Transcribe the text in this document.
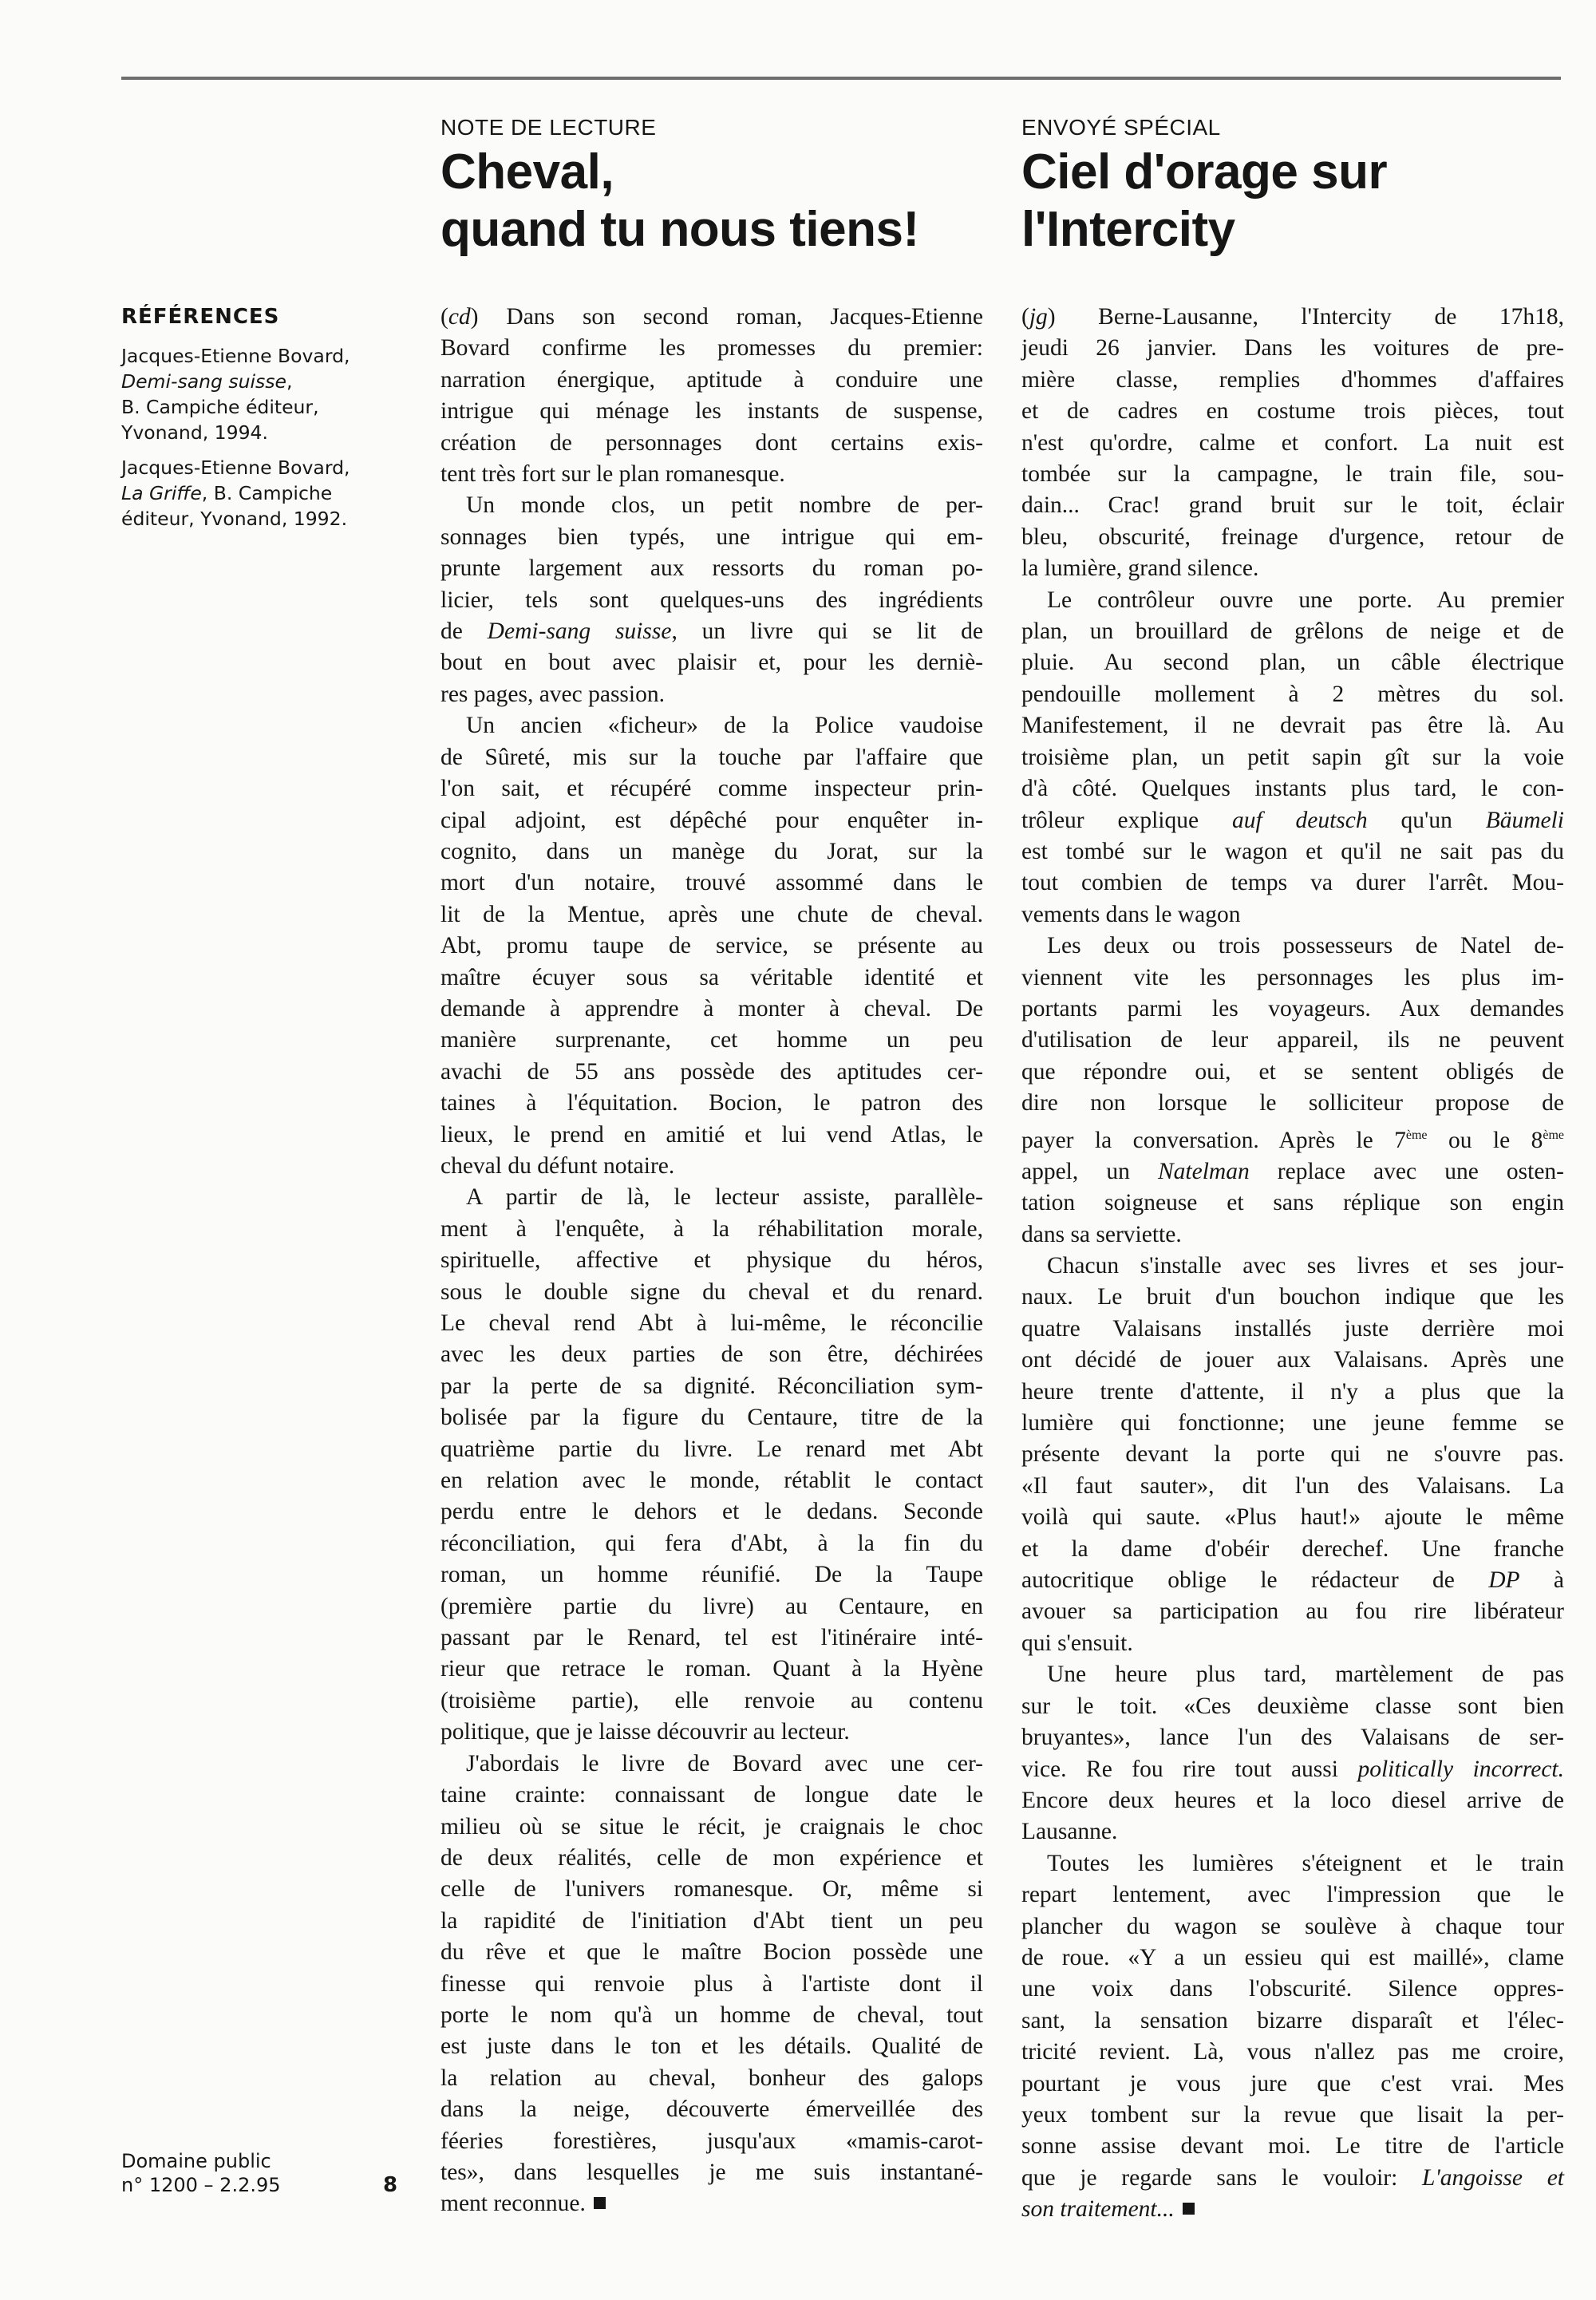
RÉFÉRENCES

Jacques-Etienne Bovard,
Demi-sang suisse,
B. Campiche éditeur,
Yvonand, 1994.

Jacques-Etienne Bovard,
La Griffe, B. Campiche
éditeur, Yvonand, 1992.

Domaine public
n° 1200 – 2.2.95	8
NOTE DE LECTURE
Cheval,
quand tu nous tiens!

(cd) Dans son second roman, Jacques-Etienne
Bovard confirme les promesses du premier:
narration énergique, aptitude à conduire une
intrigue qui ménage les instants de suspense,
création de personnages dont certains exis-
tent très fort sur le plan romanesque.

Un monde clos, un petit nombre de per-
sonnages bien typés, une intrigue qui em-
prunte largement aux ressorts du roman po-
licier, tels sont quelques-uns des ingrédients
de Demi-sang suisse, un livre qui se lit de
bout en bout avec plaisir et, pour les derniè-
res pages, avec passion.

Un ancien «ficheur» de la Police vaudoise
de Sûreté, mis sur la touche par l'affaire que
l'on sait, et récupéré comme inspecteur prin-
cipal adjoint, est dépêché pour enquêter in-
cognito, dans un manège du Jorat, sur la
mort d'un notaire, trouvé assommé dans le
lit de la Mentue, après une chute de cheval.
Abt, promu taupe de service, se présente au
maître écuyer sous sa véritable identité et
demande à apprendre à monter à cheval. De
manière surprenante, cet homme un peu
avachi de 55 ans possède des aptitudes cer-
taines à l'équitation. Bocion, le patron des
lieux, le prend en amitié et lui vend Atlas, le
cheval du défunt notaire.

A partir de là, le lecteur assiste, parallèle-
ment à l'enquête, à la réhabilitation morale,
spirituelle, affective et physique du héros,
sous le double signe du cheval et du renard.
Le cheval rend Abt à lui-même, le réconcilie
avec les deux parties de son être, déchirées
par la perte de sa dignité. Réconciliation sym-
bolisée par la figure du Centaure, titre de la
quatrième partie du livre. Le renard met Abt
en relation avec le monde, rétablit le contact
perdu entre le dehors et le dedans. Seconde
réconciliation, qui fera d'Abt, à la fin du
roman, un homme réunifié. De la Taupe
(première partie du livre) au Centaure, en
passant par le Renard, tel est l'itinéraire inté-
rieur que retrace le roman. Quant à la Hyène
(troisième partie), elle renvoie au contenu
politique, que je laisse découvrir au lecteur.

J'abordais le livre de Bovard avec une cer-
taine crainte: connaissant de longue date le
milieu où se situe le récit, je craignais le choc
de deux réalités, celle de mon expérience et
celle de l'univers romanesque. Or, même si
la rapidité de l'initiation d'Abt tient un peu
du rêve et que le maître Bocion possède une
finesse qui renvoie plus à l'artiste dont il
porte le nom qu'à un homme de cheval, tout
est juste dans le ton et les détails. Qualité de
la relation au cheval, bonheur des galops
dans la neige, découverte émerveillée des
féeries forestières, jusqu'aux «mamis-carot-
tes», dans lesquelles je me suis instantané-
ment reconnue.

ENVOYÉ SPÉCIAL
Ciel d'orage sur
l'Intercity

(jg) Berne-Lausanne, l'Intercity de 17h18,
jeudi 26 janvier. Dans les voitures de pre-
mière classe, remplies d'hommes d'affaires
et de cadres en costume trois pièces, tout
n'est qu'ordre, calme et confort. La nuit est
tombée sur la campagne, le train file, sou-
dain... Crac! grand bruit sur le toit, éclair
bleu, obscurité, freinage d'urgence, retour de
la lumière, grand silence.

Le contrôleur ouvre une porte. Au premier
plan, un brouillard de grêlons de neige et de
pluie. Au second plan, un câble électrique
pendouille mollement à 2 mètres du sol.
Manifestement, il ne devrait pas être là. Au
troisième plan, un petit sapin gît sur la voie
d'à côté. Quelques instants plus tard, le con-
trôleur explique auf deutsch qu'un Bäumeli
est tombé sur le wagon et qu'il ne sait pas du
tout combien de temps va durer l'arrêt. Mou-
vements dans le wagon

Les deux ou trois possesseurs de Natel de-
viennent vite les personnages les plus im-
portants parmi les voyageurs. Aux demandes
d'utilisation de leur appareil, ils ne peuvent
que répondre oui, et se sentent obligés de
dire non lorsque le solliciteur propose de
payer la conversation. Après le 7ème ou le 8ème
appel, un Natelman replace avec une osten-
tation soigneuse et sans réplique son engin
dans sa serviette.

Chacun s'installe avec ses livres et ses jour-
naux. Le bruit d'un bouchon indique que les
quatre Valaisans installés juste derrière moi
ont décidé de jouer aux Valaisans. Après une
heure trente d'attente, il n'y a plus que la
lumière qui fonctionne; une jeune femme se
présente devant la porte qui ne s'ouvre pas.
«Il faut sauter», dit l'un des Valaisans. La
voilà qui saute. «Plus haut!» ajoute le même
et la dame d'obéir derechef. Une franche
autocritique oblige le rédacteur de DP à
avouer sa participation au fou rire libérateur
qui s'ensuit.

Une heure plus tard, martèlement de pas
sur le toit. «Ces deuxième classe sont bien
bruyantes», lance l'un des Valaisans de ser-
vice. Re fou rire tout aussi politically incorrect.
Encore deux heures et la loco diesel arrive de
Lausanne.

Toutes les lumières s'éteignent et le train
repart lentement, avec l'impression que le
plancher du wagon se soulève à chaque tour
de roue. «Y a un essieu qui est maillé», clame
une voix dans l'obscurité. Silence oppres-
sant, la sensation bizarre disparaît et l'élec-
tricité revient. Là, vous n'allez pas me croire,
pourtant je vous jure que c'est vrai. Mes
yeux tombent sur la revue que lisait la per-
sonne assise devant moi. Le titre de l'article
que je regarde sans le vouloir: L'angoisse et
son traitement...
